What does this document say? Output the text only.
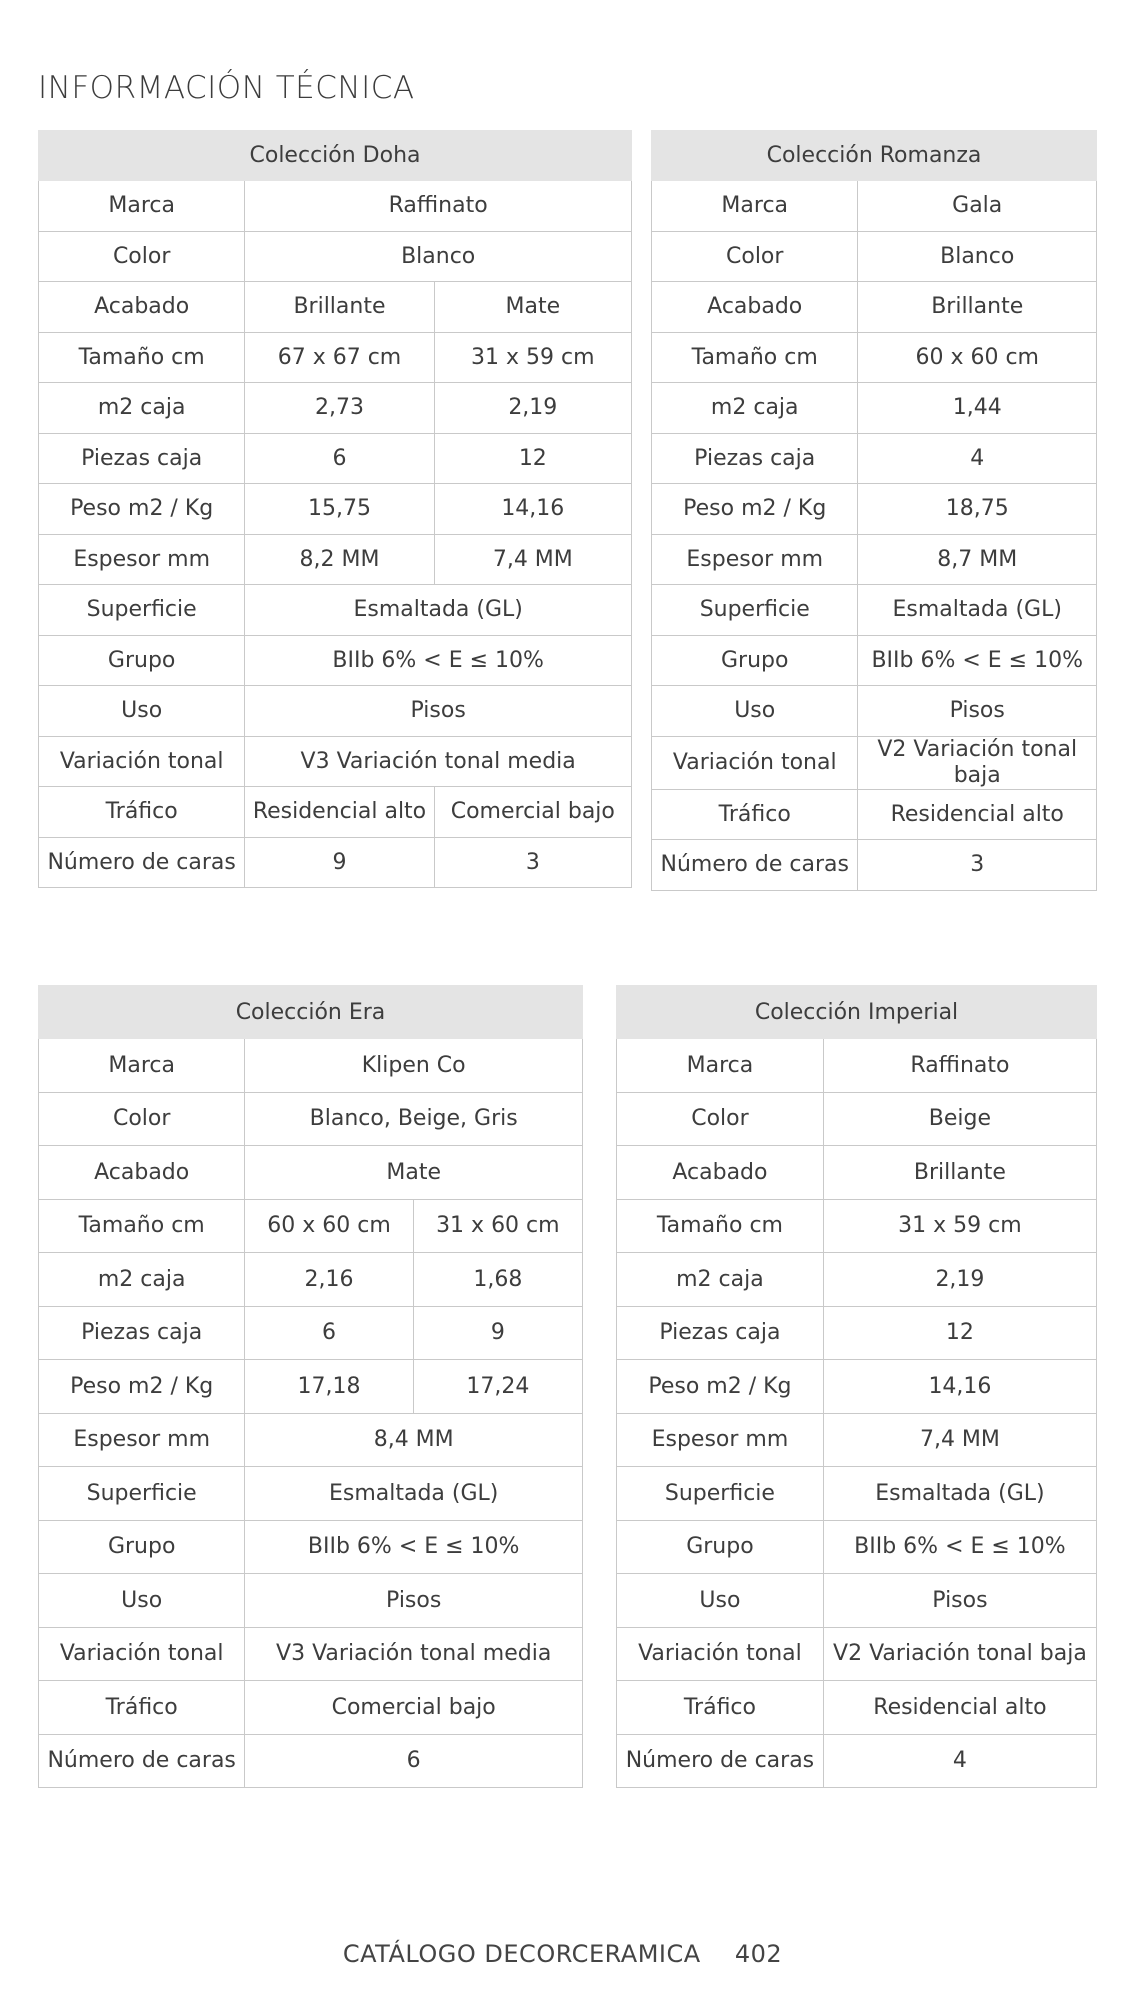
INFORMACIÓN TÉCNICA
Colección Doha		
Marca	Raffinato	
Color	Blanco	
Acabado	Brillante	Mate
Tamaño cm	67 x 67 cm	31 x 59 cm
m2 caja	2,73	2,19
Piezas caja	6	12
Peso m2 / Kg	15,75	14,16
Espesor mm	8,2 MM	7,4 MM
Superficie	Esmaltada (GL)	
Grupo	BIIb 6% < E ≤ 10%	
Uso	Pisos	
Variación tonal	V3 Variación tonal media	
Tráfico	Residencial alto	Comercial bajo
Número de caras	9	3
Colección Romanza	
Marca	Gala
Color	Blanco
Acabado	Brillante
Tamaño cm	60 x 60 cm
m2 caja	1,44
Piezas caja	4
Peso m2 / Kg	18,75
Espesor mm	8,7 MM
Superficie	Esmaltada (GL)
Grupo	BIIb 6% < E ≤ 10%
Uso	Pisos
Variación tonal	V2 Variación tonal baja
Tráfico	Residencial alto
Número de caras	3
Colección Era		
Marca	Klipen Co	
Color	Blanco, Beige, Gris	
Acabado	Mate	
Tamaño cm	60 x 60 cm	31 x 60 cm
m2 caja	2,16	1,68
Piezas caja	6	9
Peso m2 / Kg	17,18	17,24
Espesor mm	8,4 MM	
Superficie	Esmaltada (GL)	
Grupo	BIIb 6% < E ≤ 10%	
Uso	Pisos	
Variación tonal	V3 Variación tonal media	
Tráfico	Comercial bajo	
Número de caras	6	
Colección Imperial	
Marca	Raffinato
Color	Beige
Acabado	Brillante
Tamaño cm	31 x 59 cm
m2 caja	2,19
Piezas caja	12
Peso m2 / Kg	14,16
Espesor mm	7,4 MM
Superficie	Esmaltada (GL)
Grupo	BIIb 6% < E ≤ 10%
Uso	Pisos
Variación tonal	V2 Variación tonal baja
Tráfico	Residencial alto
Número de caras	4
CATÁLOGO DECORCERAMICA 402
